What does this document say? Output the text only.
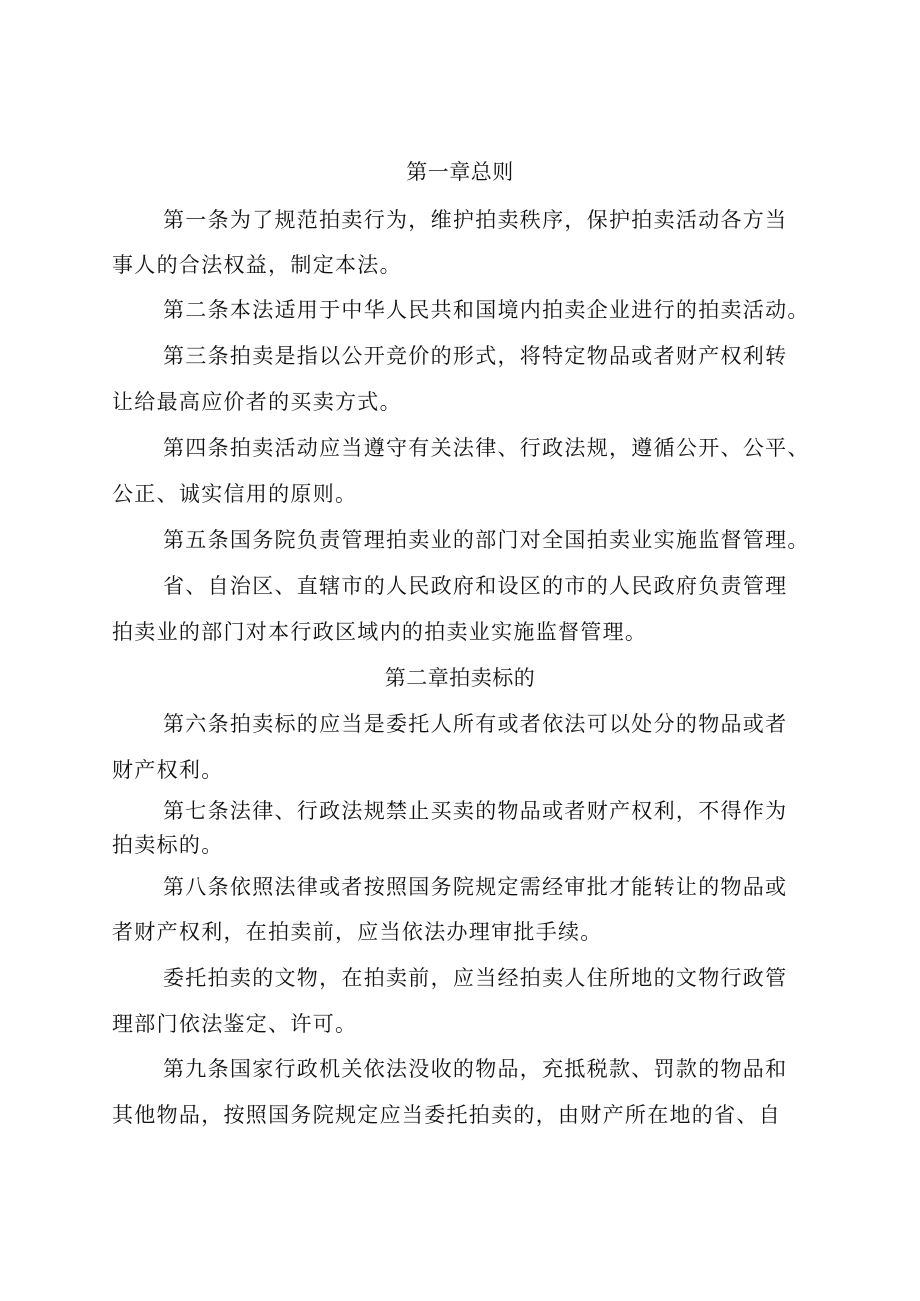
第一章总则
第一条为了规范拍卖行为，维护拍卖秩序，保护拍卖活动各方当
事人的合法权益，制定本法。
第二条本法适用于中华人民共和国境内拍卖企业进行的拍卖活动。
第三条拍卖是指以公开竞价的形式，将特定物品或者财产权利转
让给最高应价者的买卖方式。
第四条拍卖活动应当遵守有关法律、行政法规，遵循公开、公平、
公正、诚实信用的原则。
第五条国务院负责管理拍卖业的部门对全国拍卖业实施监督管理。
省、自治区、直辖市的人民政府和设区的市的人民政府负责管理
拍卖业的部门对本行政区域内的拍卖业实施监督管理。
第二章拍卖标的
第六条拍卖标的应当是委托人所有或者依法可以处分的物品或者
财产权利。
第七条法律、行政法规禁止买卖的物品或者财产权利，不得作为
拍卖标的。
第八条依照法律或者按照国务院规定需经审批才能转让的物品或
者财产权利，在拍卖前，应当依法办理审批手续。
委托拍卖的文物，在拍卖前，应当经拍卖人住所地的文物行政管
理部门依法鉴定、许可。
第九条国家行政机关依法没收的物品，充抵税款、罚款的物品和
其他物品，按照国务院规定应当委托拍卖的，由财产所在地的省、自
